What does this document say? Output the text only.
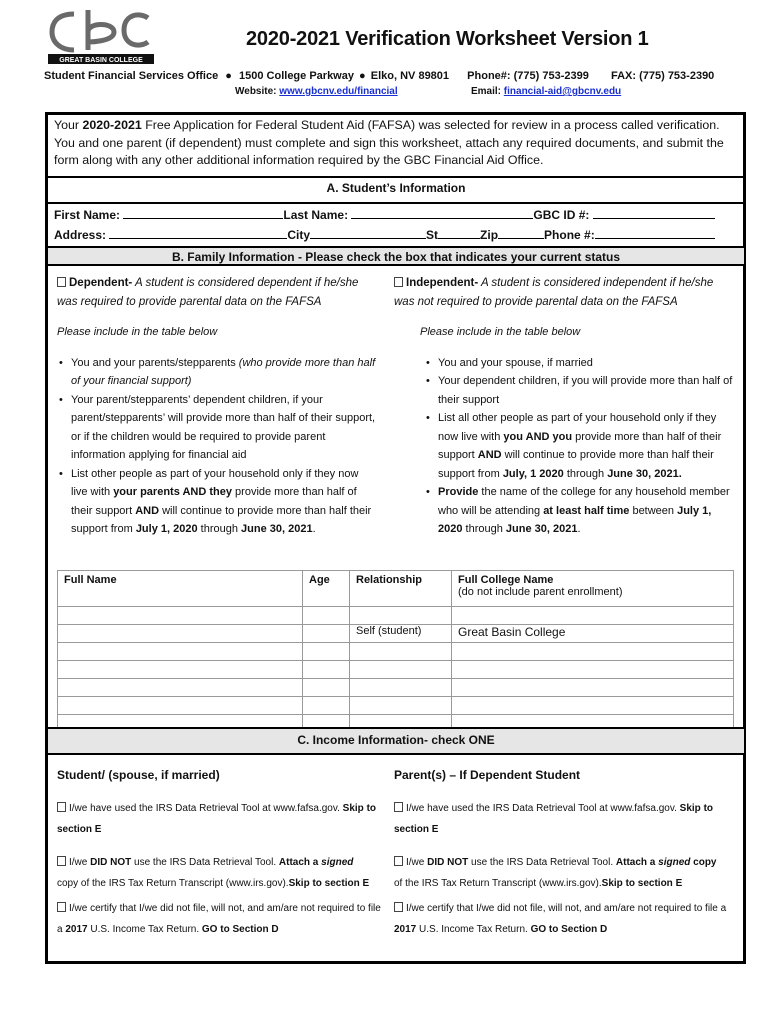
GREAT BASIN COLLEGE
2020-2021 Verification Worksheet Version 1
Student Financial Services Office ● 1500 College Parkway ● Elko, NV 89801 Phone#: (775) 753-2399 FAX: (775) 753-2390
Website: www.gbcnv.edu/financial	Email: financial-aid@gbcnv.edu
Your 2020-2021 Free Application for Federal Student Aid (FAFSA) was selected for review in a process called verification. You and one parent (if dependent) must complete and sign this worksheet, attach any required documents, and submit the form along with any other additional information required by the GBC Financial Aid Office.
A. Student’s Information
First Name:	Last Name:	GBC ID #:
Address:	City	St	Zip	Phone #:
B. Family Information - Please check the box that indicates your current status
Dependent- A student is considered dependent if he/she was required to provide parental data on the FAFSA
Please include in the table below
• You and your parents/stepparents (who provide more than half of your financial support)
• Your parent/stepparents’ dependent children, if your parent/stepparents’ will provide more than half of their support, or if the children would be required to provide parent information applying for financial aid
• List other people as part of your household only if they now live with your parents AND they provide more than half of their support AND will continue to provide more than half their support from July 1, 2020 through June 30, 2021.
Independent- A student is considered independent if he/she was not required to provide parental data on the FAFSA
Please include in the table below
• You and your spouse, if married
• Your dependent children, if you will provide more than half of their support
• List all other people as part of your household only if they now live with you AND you provide more than half of their support AND will continue to provide more than half their support from July, 1 2020 through June 30, 2021.
• Provide the name of the college for any household member who will be attending at least half time between July 1, 2020 through June 30, 2021.
Full Name	Age	Relationship	Full College Name
(do not include parent enrollment)

		Self (student)	Great Basin College

C. Income Information- check ONE
Student/ (spouse, if married)	Parent(s) – If Dependent Student
I/we have used the IRS Data Retrieval Tool at www.fafsa.gov. Skip to section E
I/we DID NOT use the IRS Data Retrieval Tool. Attach a signed
copy of the IRS Tax Return Transcript (www.irs.gov).Skip to section E
I/we certify that I/we did not file, will not, and am/are not required to file a 2017 U.S. Income Tax Return. GO to Section D
I/we have used the IRS Data Retrieval Tool at www.fafsa.gov. Skip to section E
I/we DID NOT use the IRS Data Retrieval Tool. Attach a signed copy
of the IRS Tax Return Transcript (www.irs.gov).Skip to section E
I/we certify that I/we did not file, will not, and am/are not required to file a 2017 U.S. Income Tax Return. GO to Section D
